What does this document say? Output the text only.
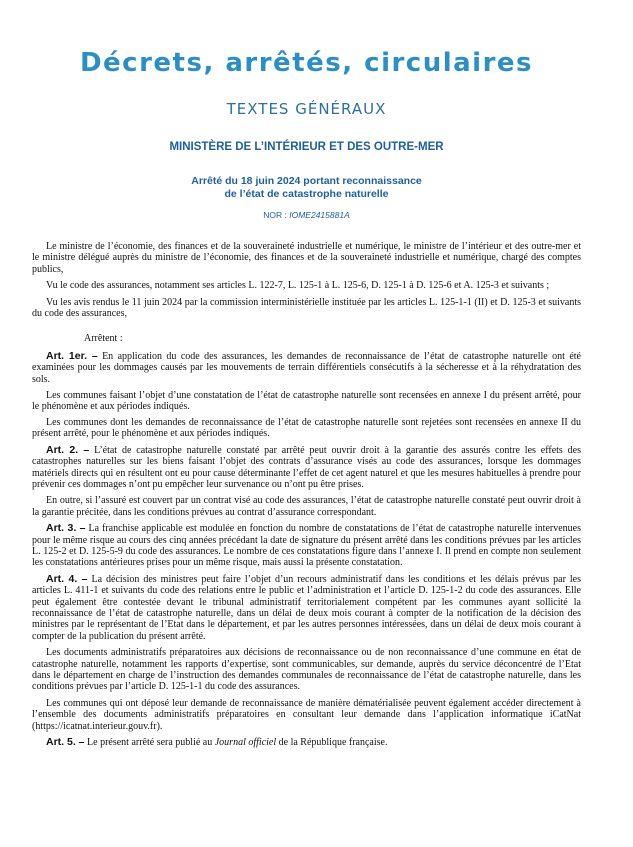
Décrets, arrêtés, circulaires
TEXTES GÉNÉRAUX
MINISTÈRE DE L’INTÉRIEUR ET DES OUTRE-MER
Arrêté du 18 juin 2024 portant reconnaissance
de l’état de catastrophe naturelle
NOR : IOME2415881A

Le ministre de l’économie, des finances et de la souveraineté industrielle et numérique, le ministre de l’intérieur et des outre-mer et le ministre délégué auprès du ministre de l’économie, des finances et de la souveraineté industrielle et numérique, chargé des comptes publics,

Vu le code des assurances, notamment ses articles L. 122-7, L. 125-1 à L. 125-6, D. 125-1 à D. 125-6 et A. 125-3 et suivants ;

Vu les avis rendus le 11 juin 2024 par la commission interministérielle instituée par les articles L. 125-1-1 (II) et D. 125-3 et suivants du code des assurances,

Arrêtent :

Art. 1er. – En application du code des assurances, les demandes de reconnaissance de l’état de catastrophe naturelle ont été examinées pour les dommages causés par les mouvements de terrain différentiels consécutifs à la sécheresse et à la réhydratation des sols.

Les communes faisant l’objet d’une constatation de l’état de catastrophe naturelle sont recensées en annexe I du présent arrêté, pour le phénomène et aux périodes indiqués.

Les communes dont les demandes de reconnaissance de l’état de catastrophe naturelle sont rejetées sont recensées en annexe II du présent arrêté, pour le phénomène et aux périodes indiqués.

Art. 2. – L’état de catastrophe naturelle constaté par arrêté peut ouvrir droit à la garantie des assurés contre les effets des catastrophes naturelles sur les biens faisant l’objet des contrats d’assurance visés au code des assurances, lorsque les dommages matériels directs qui en résultent ont eu pour cause déterminante l’effet de cet agent naturel et que les mesures habituelles à prendre pour prévenir ces dommages n’ont pu empêcher leur survenance ou n’ont pu être prises.

En outre, si l’assuré est couvert par un contrat visé au code des assurances, l’état de catastrophe naturelle constaté peut ouvrir droit à la garantie précitée, dans les conditions prévues au contrat d’assurance correspondant.

Art. 3. – La franchise applicable est modulée en fonction du nombre de constatations de l’état de catastrophe naturelle intervenues pour le même risque au cours des cinq années précédant la date de signature du présent arrêté dans les conditions prévues par les articles L. 125-2 et D. 125-5-9 du code des assurances. Le nombre de ces constatations figure dans l’annexe I. Il prend en compte non seulement les constatations antérieures prises pour un même risque, mais aussi la présente constatation.

Art. 4. – La décision des ministres peut faire l’objet d’un recours administratif dans les conditions et les délais prévus par les articles L. 411-1 et suivants du code des relations entre le public et l’administration et l’article D. 125-1-2 du code des assurances. Elle peut également être contestée devant le tribunal administratif territorialement compétent par les communes ayant sollicité la reconnaissance de l’état de catastrophe naturelle, dans un délai de deux mois courant à compter de la notification de la décision des ministres par le représentant de l’Etat dans le département, et par les autres personnes intéressées, dans un délai de deux mois courant à compter de la publication du présent arrêté.

Les documents administratifs préparatoires aux décisions de reconnaissance ou de non reconnaissance d’une commune en état de catastrophe naturelle, notamment les rapports d’expertise, sont communicables, sur demande, auprès du service déconcentré de l’Etat dans le département en charge de l’instruction des demandes communales de reconnaissance de l’état de catastrophe naturelle, dans les conditions prévues par l’article D. 125-1-1 du code des assurances.

Les communes qui ont déposé leur demande de reconnaissance de manière dématérialisée peuvent également accéder directement à l’ensemble des documents administratifs préparatoires en consultant leur demande dans l’application informatique iCatNat (https://icatnat.interieur.gouv.fr).

Art. 5. – Le présent arrêté sera publié au Journal officiel de la République française.
